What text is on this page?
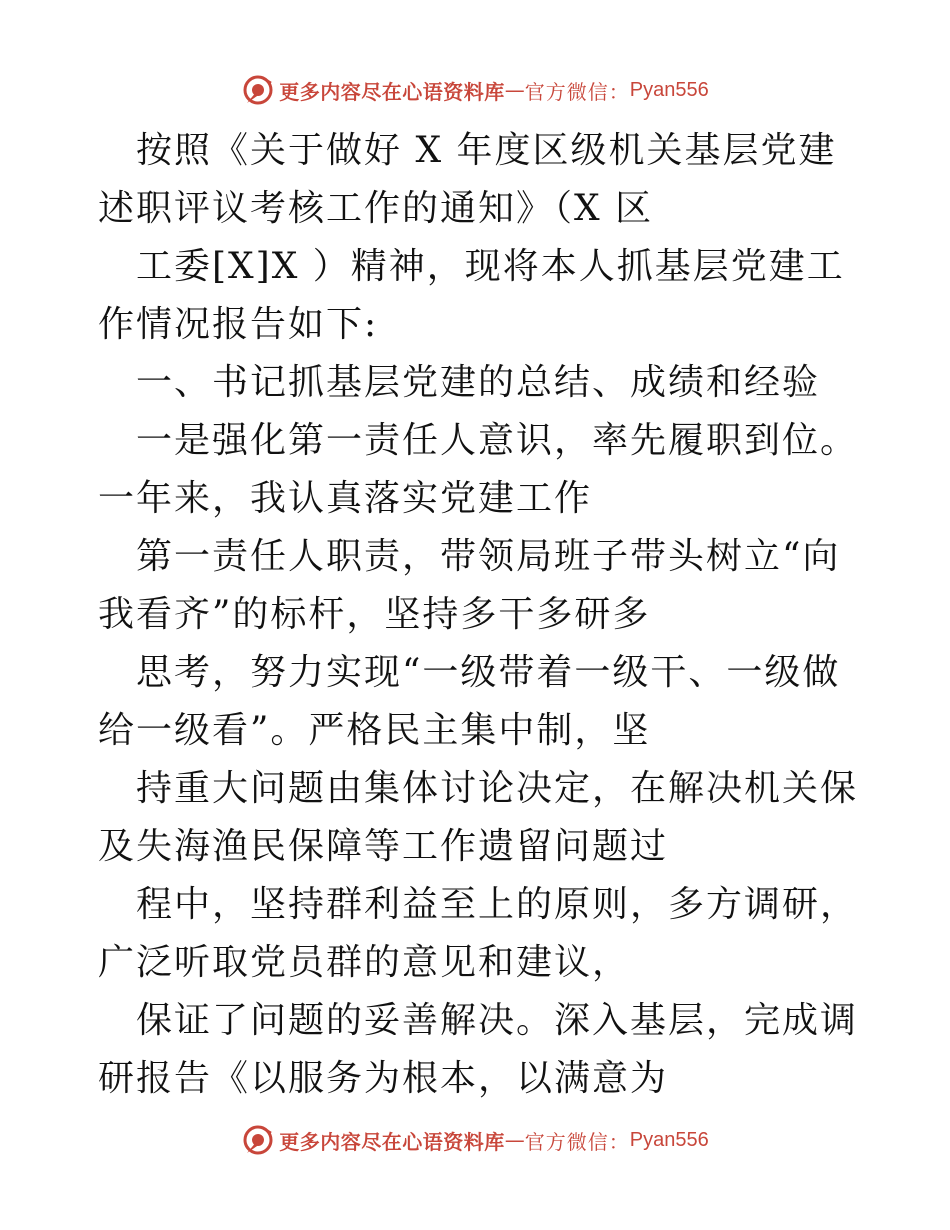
更多内容尽在心语资料库 — 官方微信： Pyan556

按照《关于做好 X 年度区级机关基层党建述职评议考核工作的通知》（X 区

工委[X]X ）精神，现将本人抓基层党建工作情况报告如下:

一、书记抓基层党建的总结、成绩和经验

一是强化第一责任人意识，率先履职到位。一年来，我认真落实党建工作

第一责任人职责，带领局班子带头树立“向我看齐”的标杆，坚持多干多研多

思考，努力实现“一级带着一级干、一级做给一级看”。严格民主集中制，坚

持重大问题由集体讨论决定，在解决机关保及失海渔民保障等工作遗留问题过

程中，坚持群利益至上的原则，多方调研，广泛听取党员群的意见和建议，

保证了问题的妥善解决。深入基层，完成调研报告《以服务为根本，以满意为

更多内容尽在心语资料库 — 官方微信： Pyan556
